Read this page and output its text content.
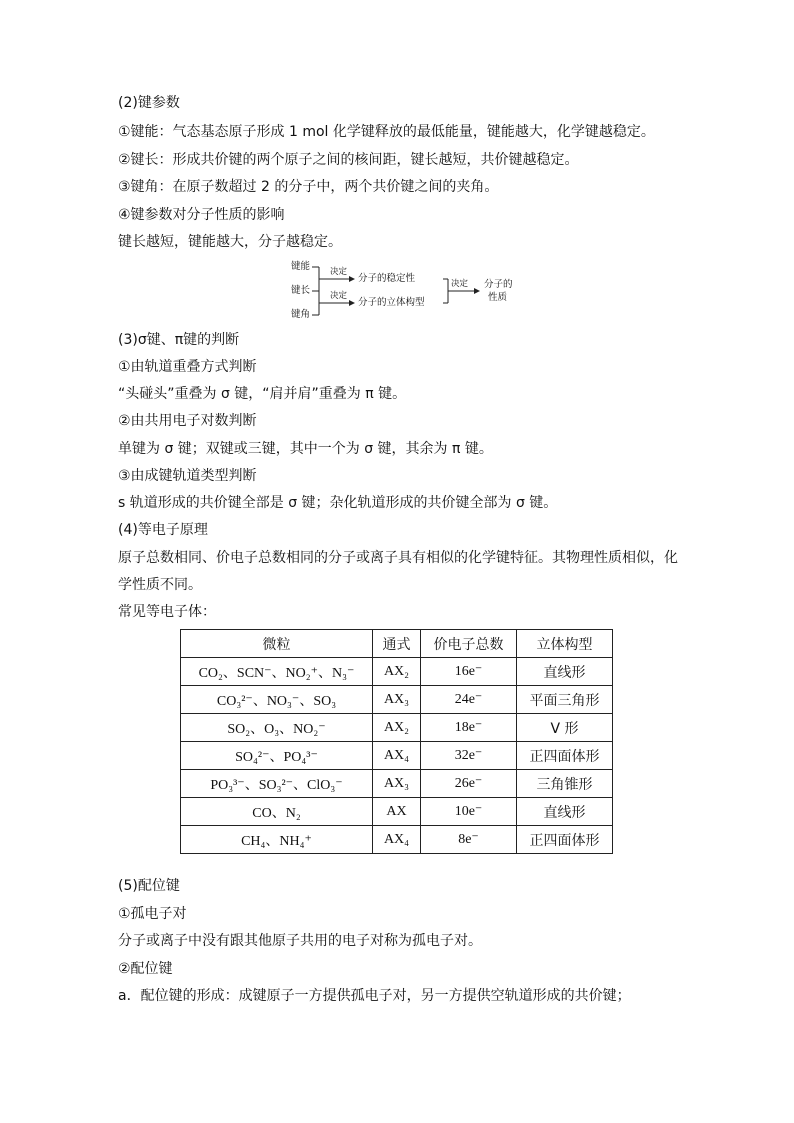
(2)键参数
①键能：气态基态原子形成 1 mol 化学键释放的最低能量，键能越大，化学键越稳定。
②键长：形成共价键的两个原子之间的核间距，键长越短，共价键越稳定。
③键角：在原子数超过 2 的分子中，两个共价键之间的夹角。
④键参数对分子性质的影响
键长越短，键能越大，分子越稳定。
键能
键长
键角
决定
决定
分子的稳定性
分子的立体构型
决定 分子的
性质
(3)σ键、π键的判断
①由轨道重叠方式判断
“头碰头”重叠为 σ 键，“肩并肩”重叠为 π 键。
②由共用电子对数判断
单键为 σ 键；双键或三键，其中一个为 σ 键，其余为 π 键。
③由成键轨道类型判断
s 轨道形成的共价键全部是 σ 键；杂化轨道形成的共价键全部为 σ 键。
(4)等电子原理
原子总数相同、价电子总数相同的分子或离子具有相似的化学键特征。其物理性质相似，化
学性质不同。
常见等电子体：
微粒	通式	价电子总数	立体构型
CO₂、SCN⁻、NO₂⁺、N₃⁻	AX₂	16e⁻	直线形
CO₃²⁻、NO₃⁻、SO₃	AX₃	24e⁻	平面三角形
SO₂、O₃、NO₂⁻	AX₂	18e⁻	V 形
SO₄²⁻、PO₄³⁻	AX₄	32e⁻	正四面体形
PO₃³⁻、SO₃²⁻、ClO₃⁻	AX₃	26e⁻	三角锥形
CO、N₂	AX	10e⁻	直线形
CH₄、NH₄⁺	AX₄	8e⁻	正四面体形
(5)配位键
①孤电子对
分子或离子中没有跟其他原子共用的电子对称为孤电子对。
②配位键
a．配位键的形成：成键原子一方提供孤电子对，另一方提供空轨道形成的共价键；
